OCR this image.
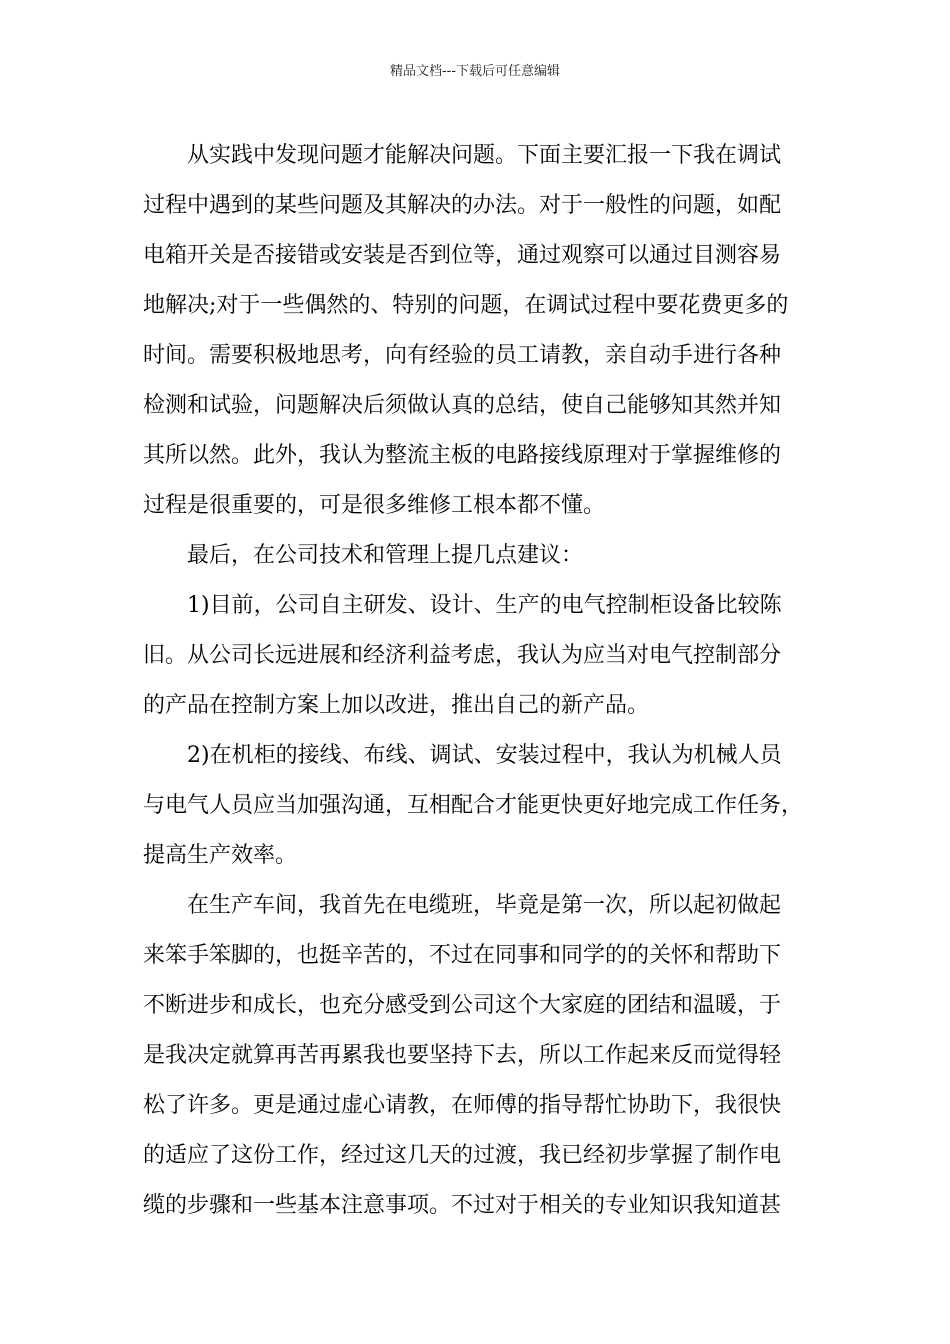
精品文档---下载后可任意编辑
从实践中发现问题才能解决问题。下面主要汇报一下我在调试
过程中遇到的某些问题及其解决的办法。对于一般性的问题，如配
电箱开关是否接错或安装是否到位等，通过观察可以通过目测容易
地解决;对于一些偶然的、特别的问题，在调试过程中要花费更多的
时间。需要积极地思考，向有经验的员工请教，亲自动手进行各种
检测和试验，问题解决后须做认真的总结，使自己能够知其然并知
其所以然。此外，我认为整流主板的电路接线原理对于掌握维修的
过程是很重要的，可是很多维修工根本都不懂。
最后，在公司技术和管理上提几点建议：
1)目前，公司自主研发、设计、生产的电气控制柜设备比较陈
旧。从公司长远进展和经济利益考虑，我认为应当对电气控制部分
的产品在控制方案上加以改进，推出自己的新产品。
2)在机柜的接线、布线、调试、安装过程中，我认为机械人员
与电气人员应当加强沟通，互相配合才能更快更好地完成工作任务，
提高生产效率。
在生产车间，我首先在电缆班，毕竟是第一次，所以起初做起
来笨手笨脚的，也挺辛苦的，不过在同事和同学的的关怀和帮助下
不断进步和成长，也充分感受到公司这个大家庭的团结和温暖，于
是我决定就算再苦再累我也要坚持下去，所以工作起来反而觉得轻
松了许多。更是通过虚心请教，在师傅的指导帮忙协助下，我很快
的适应了这份工作，经过这几天的过渡，我已经初步掌握了制作电
缆的步骤和一些基本注意事项。不过对于相关的专业知识我知道甚
